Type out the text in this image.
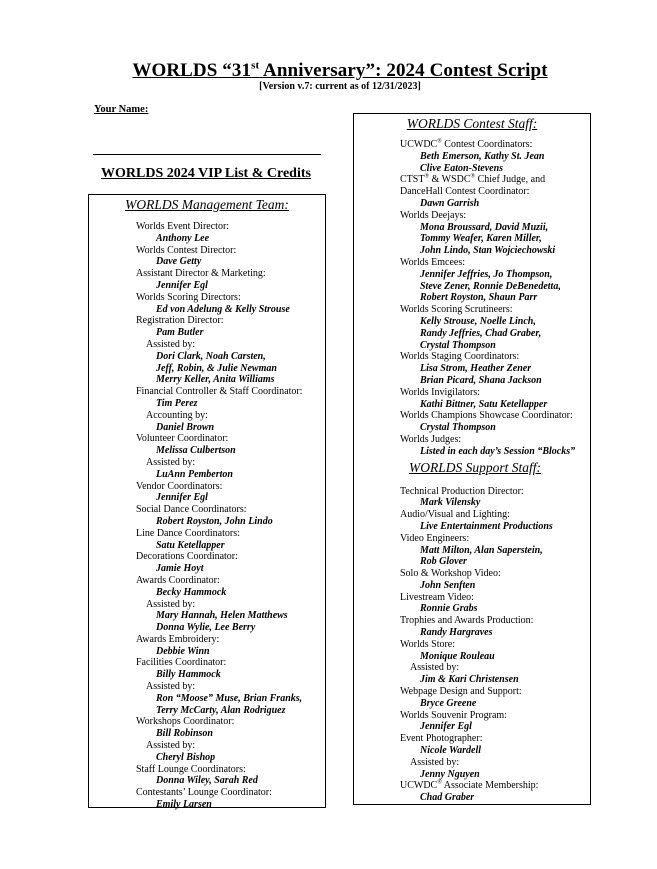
WORLDS “31st Anniversary”: 2024 Contest Script
[Version v.7: current as of 12/31/2023]
Your Name:
WORLDS 2024 VIP List & Credits
WORLDS Management Team:
Worlds Event Director:
Anthony Lee
Worlds Contest Director:
Dave Getty
Assistant Director & Marketing:
Jennifer Egl
Worlds Scoring Directors:
Ed von Adelung & Kelly Strouse
Registration Director:
Pam Butler
Assisted by:
Dori Clark, Noah Carsten,
Jeff, Robin, & Julie Newman
Merry Keller, Anita Williams
Financial Controller & Staff Coordinator:
Tim Perez
Accounting by:
Daniel Brown
Volunteer Coordinator:
Melissa Culbertson
Assisted by:
LuAnn Pemberton
Vendor Coordinators:
Jennifer Egl
Social Dance Coordinators:
Robert Royston, John Lindo
Line Dance Coordinators:
Satu Ketellapper
Decorations Coordinator:
Jamie Hoyt
Awards Coordinator:
Becky Hammock
Assisted by:
Mary Hannah, Helen Matthews
Donna Wylie, Lee Berry
Awards Embroidery:
Debbie Winn
Facilities Coordinator:
Billy Hammock
Assisted by:
Ron “Moose” Muse, Brian Franks,
Terry McCarty, Alan Rodriguez
Workshops Coordinator:
Bill Robinson
Assisted by:
Cheryl Bishop
Staff Lounge Coordinators:
Donna Wiley, Sarah Red
Contestants’ Lounge Coordinator:
Emily Larsen
WORLDS Contest Staff:
UCWDC® Contest Coordinators:
Beth Emerson, Kathy St. Jean
Clive Eaton-Stevens
CTST® & WSDC® Chief Judge, and
DanceHall Contest Coordinator:
Dawn Garrish
Worlds Deejays:
Mona Broussard, David Muzii,
Tommy Weafer, Karen Miller,
John Lindo, Stan Wojciechowski
Worlds Emcees:
Jennifer Jeffries, Jo Thompson,
Steve Zener, Ronnie DeBenedetta,
Robert Royston, Shaun Parr
Worlds Scoring Scrutineers:
Kelly Strouse, Noelle Linch,
Randy Jeffries, Chad Graber,
Crystal Thompson
Worlds Staging Coordinators:
Lisa Strom, Heather Zener
Brian Picard, Shana Jackson
Worlds Invigilators:
Kathi Bittner, Satu Ketellapper
Worlds Champions Showcase Coordinator:
Crystal Thompson
Worlds Judges:
Listed in each day’s Session “Blocks”
WORLDS Support Staff:
Technical Production Director:
Mark Vilensky
Audio/Visual and Lighting:
Live Entertainment Productions
Video Engineers:
Matt Milton, Alan Saperstein,
Rob Glover
Solo & Workshop Video:
John Senften
Livestream Video:
Ronnie Grabs
Trophies and Awards Production:
Randy Hargraves
Worlds Store:
Monique Rouleau
Assisted by:
Jim & Kari Christensen
Webpage Design and Support:
Bryce Greene
Worlds Souvenir Program:
Jennifer Egl
Event Photographer:
Nicole Wardell
Assisted by:
Jenny Nguyen
UCWDC® Associate Membership:
Chad Graber
